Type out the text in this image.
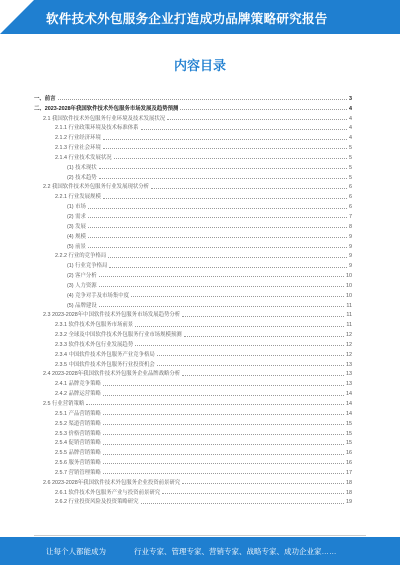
软件技术外包服务企业打造成功品牌策略研究报告
内容目录
一、前言	3
二、2023-2028年我国软件技术外包服务市场发展及趋势预测	4
2.1 我国软件技术外包服务行业环境及技术发展状况	4
2.1.1 行业政策环境及技术标准体系	4
2.1.2 行业经济环境	4
2.1.3 行业社会环境	5
2.1.4 行业技术发展状况	5
(1) 技术现状	5
(2) 技术趋势	5
2.2 我国软件技术外包服务行业发展现状分析	6
2.2.1 行业发展规模	6
(1) 市场	6
(2) 需求	7
(3) 发展	8
(4) 规模	9
(5) 前景	9
2.2.2 行业的竞争格局	9
(1) 行业竞争格局	9
(2) 客户分析	10
(3) 人力资源	10
(4) 竞争对手及市场集中度	10
(5) 品牌建设	11
2.3 2023-2028年中国软件技术外包服务市场发展趋势分析	11
2.3.1 软件技术外包服务市场前景	11
2.3.2 全球及中国软件技术外包服务行业市场规模预测	12
2.3.3 软件技术外包行业发展趋势	12
2.3.4 中国软件技术外包服务产业竞争格局	12
2.3.5 中国软件技术外包服务行业投资机会	13
2.4 2023-2028年我国软件技术外包服务企业品牌战略分析	13
2.4.1 品牌竞争策略	13
2.4.2 品牌运营策略	14
2.5 行业营销策略	14
2.5.1 产品营销策略	14
2.5.2 渠道营销策略	15
2.5.3 价格营销策略	15
2.5.4 促销营销策略	15
2.5.5 品牌营销策略	16
2.5.6 服务营销策略	16
2.5.7 营销管理策略	17
2.6 2023-2028年我国软件技术外包服务企业投资前景研究	18
2.6.1 软件技术外包服务产业与投资前景研究	18
2.6.2 行业投资风险及投资策略研究	19
让每个人都能成为	行业专家、管理专家、营销专家、战略专家、成功企业家……
